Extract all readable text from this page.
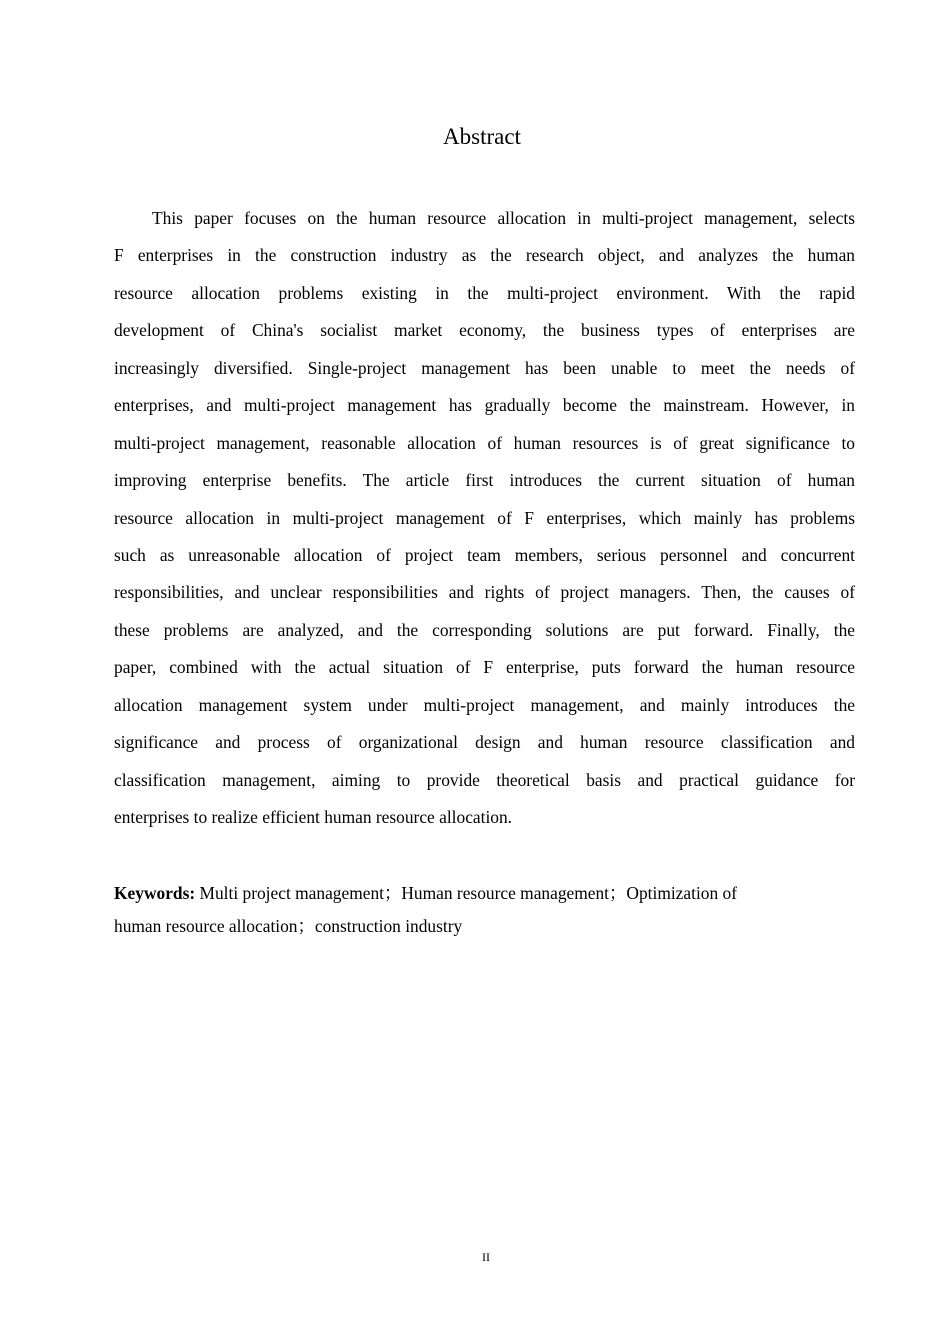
Abstract
This paper focuses on the human resource allocation in multi-project management, selects
F enterprises in the construction industry as the research object, and analyzes the human
resource allocation problems existing in the multi-project environment. With the rapid
development of China's socialist market economy, the business types of enterprises are
increasingly diversified. Single-project management has been unable to meet the needs of
enterprises, and multi-project management has gradually become the mainstream. However, in
multi-project management, reasonable allocation of human resources is of great significance to
improving enterprise benefits. The article first introduces the current situation of human
resource allocation in multi-project management of F enterprises, which mainly has problems
such as unreasonable allocation of project team members, serious personnel and concurrent
responsibilities, and unclear responsibilities and rights of project managers. Then, the causes of
these problems are analyzed, and the corresponding solutions are put forward. Finally, the
paper, combined with the actual situation of F enterprise, puts forward the human resource
allocation management system under multi-project management, and mainly introduces the
significance and process of organizational design and human resource classification and
classification management, aiming to provide theoretical basis and practical guidance for
enterprises to realize efficient human resource allocation.
Keywords: Multi project management；Human resource management；Optimization of
human resource allocation；construction industry
II
